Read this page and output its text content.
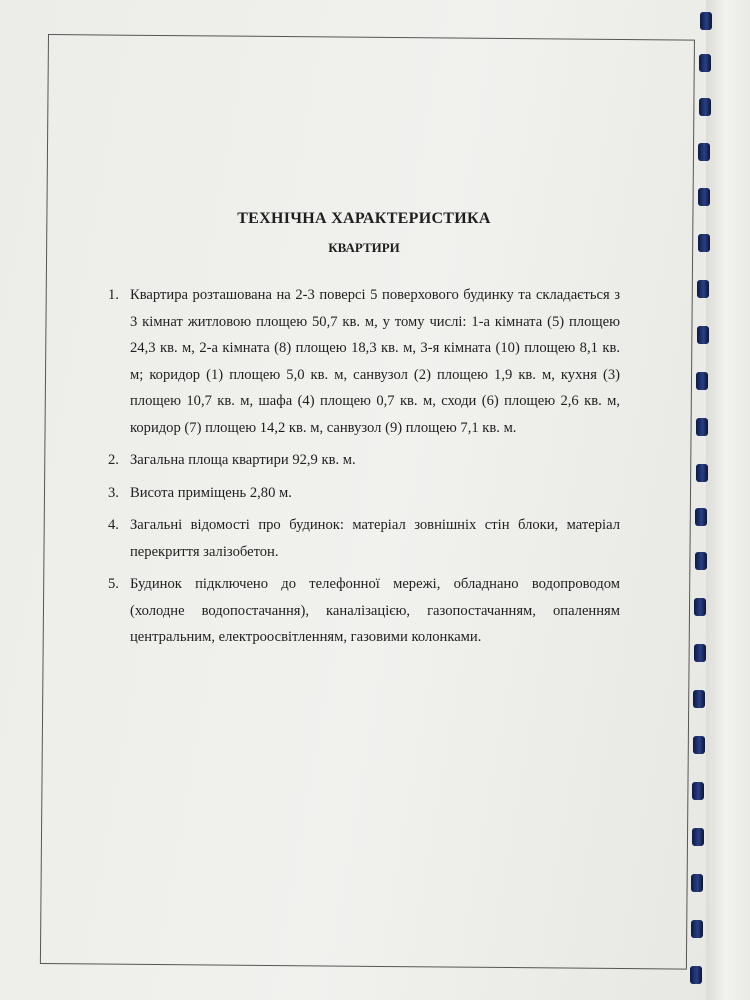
ТЕХНІЧНА ХАРАКТЕРИСТИКА

КВАРТИРИ

1. Квартира розташована на 2-3 поверсі 5 поверхового будинку та складається з 3 кімнат житловою площею 50,7 кв. м, у тому числі: 1-а кімната (5) площею 24,3 кв. м, 2-а кімната (8) площею 18,3 кв. м, 3-я кімната (10) площею 8,1 кв. м; коридор (1) площею 5,0 кв. м, санвузол (2) площею 1,9 кв. м, кухня (3) площею 10,7 кв. м, шафа (4) площею 0,7 кв. м, сходи (6) площею 2,6 кв. м, коридор (7) площею 14,2 кв. м, санвузол (9) площею 7,1 кв. м.
2. Загальна площа квартири 92,9 кв. м.
3. Висота приміщень 2,80 м.
4. Загальні відомості про будинок: матеріал зовнішніх стін блоки, матеріал перекриття залізобетон.
5. Будинок підключено до телефонної мережі, обладнано водопроводом (холодне водопостачання), каналізацією, газопостачанням, опаленням центральним, електроосвітленням, газовими колонками.
